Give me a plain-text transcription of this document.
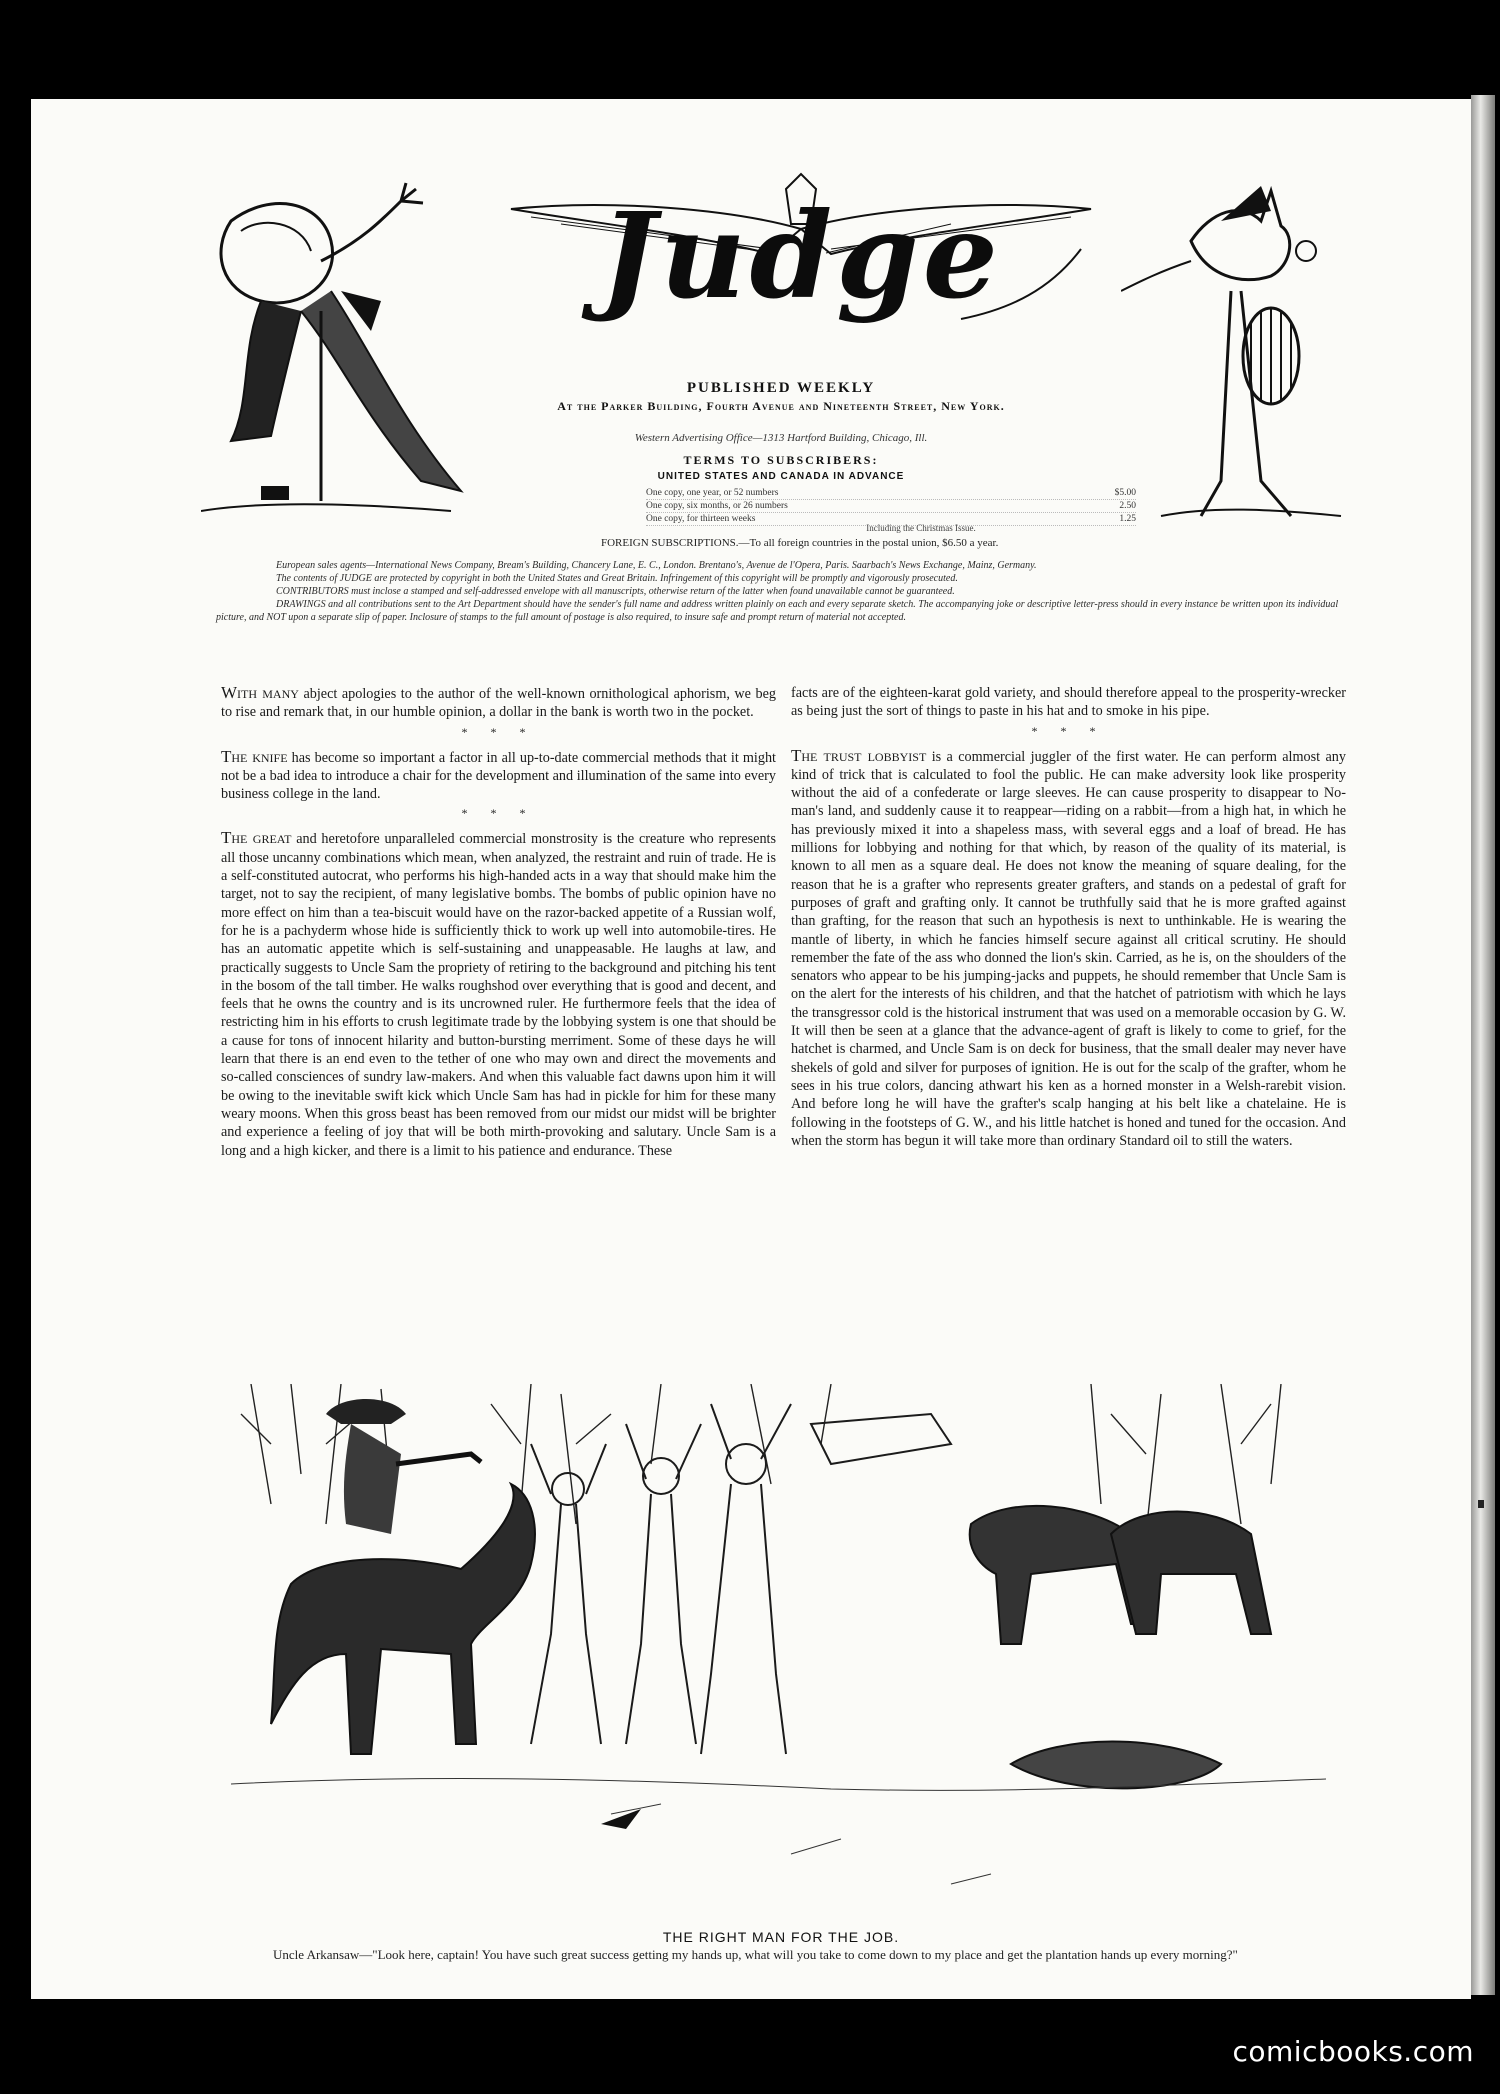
Judge
PUBLISHED WEEKLY
At the Parker Building, Fourth Avenue and Nineteenth Street, New York.
Western Advertising Office—1313 Hartford Building, Chicago, Ill.
TERMS TO SUBSCRIBERS:
UNITED STATES AND CANADA IN ADVANCE
One copy, one year, or 52 numbers	$5.00
One copy, six months, or 26 numbers	2.50
One copy, for thirteen weeks	1.25
Including the Christmas Issue.
FOREIGN SUBSCRIPTIONS.—To all foreign countries in the postal union, $6.50 a year.

European sales agents—International News Company, Bream's Building, Chancery Lane, E. C., London. Brentano's, Avenue de l'Opera, Paris. Saarbach's News Exchange, Mainz, Germany.

The contents of JUDGE are protected by copyright in both the United States and Great Britain. Infringement of this copyright will be promptly and vigorously prosecuted.

CONTRIBUTORS must inclose a stamped and self-addressed envelope with all manuscripts, otherwise return of the latter when found unavailable cannot be guaranteed.

DRAWINGS and all contributions sent to the Art Department should have the sender's full name and address written plainly on each and every separate sketch. The accompanying joke or descriptive letter-press should in every instance be written upon its individual picture, and NOT upon a separate slip of paper. Inclosure of stamps to the full amount of postage is also required, to insure safe and prompt return of material not accepted.

With many abject apologies to the author of the well-known ornithological aphorism, we beg to rise and remark that, in our humble opinion, a dollar in the bank is worth two in the pocket.

* * *

The knife has become so important a factor in all up-to-date commercial methods that it might not be a bad idea to introduce a chair for the development and illumination of the same into every business college in the land.

* * *

The great and heretofore unparalleled commercial monstrosity is the creature who represents all those uncanny combinations which mean, when analyzed, the restraint and ruin of trade. He is a self-constituted autocrat, who performs his high-handed acts in a way that should make him the target, not to say the recipient, of many legislative bombs. The bombs of public opinion have no more effect on him than a tea-biscuit would have on the razor-backed appetite of a Russian wolf, for he is a pachyderm whose hide is sufficiently thick to work up well into automobile-tires. He has an automatic appetite which is self-sustaining and unappeasable. He laughs at law, and practically suggests to Uncle Sam the propriety of retiring to the background and pitching his tent in the bosom of the tall timber. He walks roughshod over everything that is good and decent, and feels that he owns the country and is its uncrowned ruler. He furthermore feels that the idea of restricting him in his efforts to crush legitimate trade by the lobbying system is one that should be a cause for tons of innocent hilarity and button-bursting merriment. Some of these days he will learn that there is an end even to the tether of one who may own and direct the movements and so-called consciences of sundry law-makers. And when this valuable fact dawns upon him it will be owing to the inevitable swift kick which Uncle Sam has had in pickle for him for these many weary moons. When this gross beast has been removed from our midst our midst will be brighter and experience a feeling of joy that will be both mirth-provoking and salutary. Uncle Sam is a long and a high kicker, and there is a limit to his patience and endurance. These

facts are of the eighteen-karat gold variety, and should therefore appeal to the prosperity-wrecker as being just the sort of things to paste in his hat and to smoke in his pipe.

* * *

The trust lobbyist is a commercial juggler of the first water. He can perform almost any kind of trick that is calculated to fool the public. He can make adversity look like prosperity without the aid of a confederate or large sleeves. He can cause prosperity to disappear to No-man's land, and suddenly cause it to reappear—riding on a rabbit—from a high hat, in which he has previously mixed it into a shapeless mass, with several eggs and a loaf of bread. He has millions for lobbying and nothing for that which, by reason of the quality of its material, is known to all men as a square deal. He does not know the meaning of square dealing, for the reason that he is a grafter who represents greater grafters, and stands on a pedestal of graft for purposes of graft and grafting only. It cannot be truthfully said that he is more grafted against than grafting, for the reason that such an hypothesis is next to unthinkable. He is wearing the mantle of liberty, in which he fancies himself secure against all critical scrutiny. He should remember the fate of the ass who donned the lion's skin. Carried, as he is, on the shoulders of the senators who appear to be his jumping-jacks and puppets, he should remember that Uncle Sam is on the alert for the interests of his children, and that the hatchet of patriotism with which he lays the transgressor cold is the historical instrument that was used on a memorable occasion by G. W. It will then be seen at a glance that the advance-agent of graft is likely to come to grief, for the hatchet is charmed, and Uncle Sam is on deck for business, that the small dealer may never have shekels of gold and silver for purposes of ignition. He is out for the scalp of the grafter, whom he sees in his true colors, dancing athwart his ken as a horned monster in a Welsh-rarebit vision. And before long he will have the grafter's scalp hanging at his belt like a chatelaine. He is following in the footsteps of G. W., and his little hatchet is honed and tuned for the occasion. And when the storm has begun it will take more than ordinary Standard oil to still the waters.

THE RIGHT MAN FOR THE JOB.
Uncle Arkansaw—"Look here, captain! You have such great success getting my hands up, what will you take to come down to my place and get the plantation hands up every morning?"
comicbooks.com
